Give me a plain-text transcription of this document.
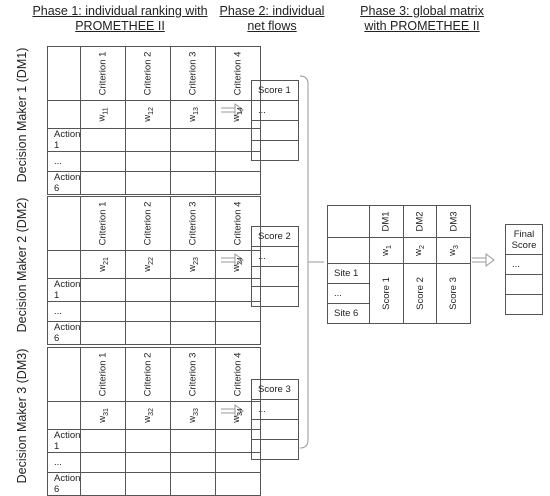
Phase 1: individual ranking with
PROMETHEE II
Phase 2: individual
net flows
Phase 3: global matrix
with PROMETHEE II
Decision Maker 1 (DM1)

	Criterion 1	Criterion 2	Criterion 3	Criterion 4

	$w_{11}$	$w_{12}$	$w_{13}$	$w_{14}$
Action 1				
...				
Action 6				
Score 1
...

Decision Maker 2 (DM2)

	Criterion 1	Criterion 2	Criterion 3	Criterion 4

	$w_{21}$	$w_{22}$	$w_{23}$	$w_{24}$
Action 1				
...				
Action 6				
Score 2
...

Decision Maker 3 (DM3)

	Criterion 1	Criterion 2	Criterion 3	Criterion 4

	$w_{31}$	$w_{32}$	$w_{33}$	$w_{34}$
Action 1				
...				
Action 6				
Score 3
...

	DM1	DM2	DM3

	$w_1$	$w_2$	$w_3$
Site 1	Score 1	Score 2	Score 3

...			
Site 6			
Final
Score
...
